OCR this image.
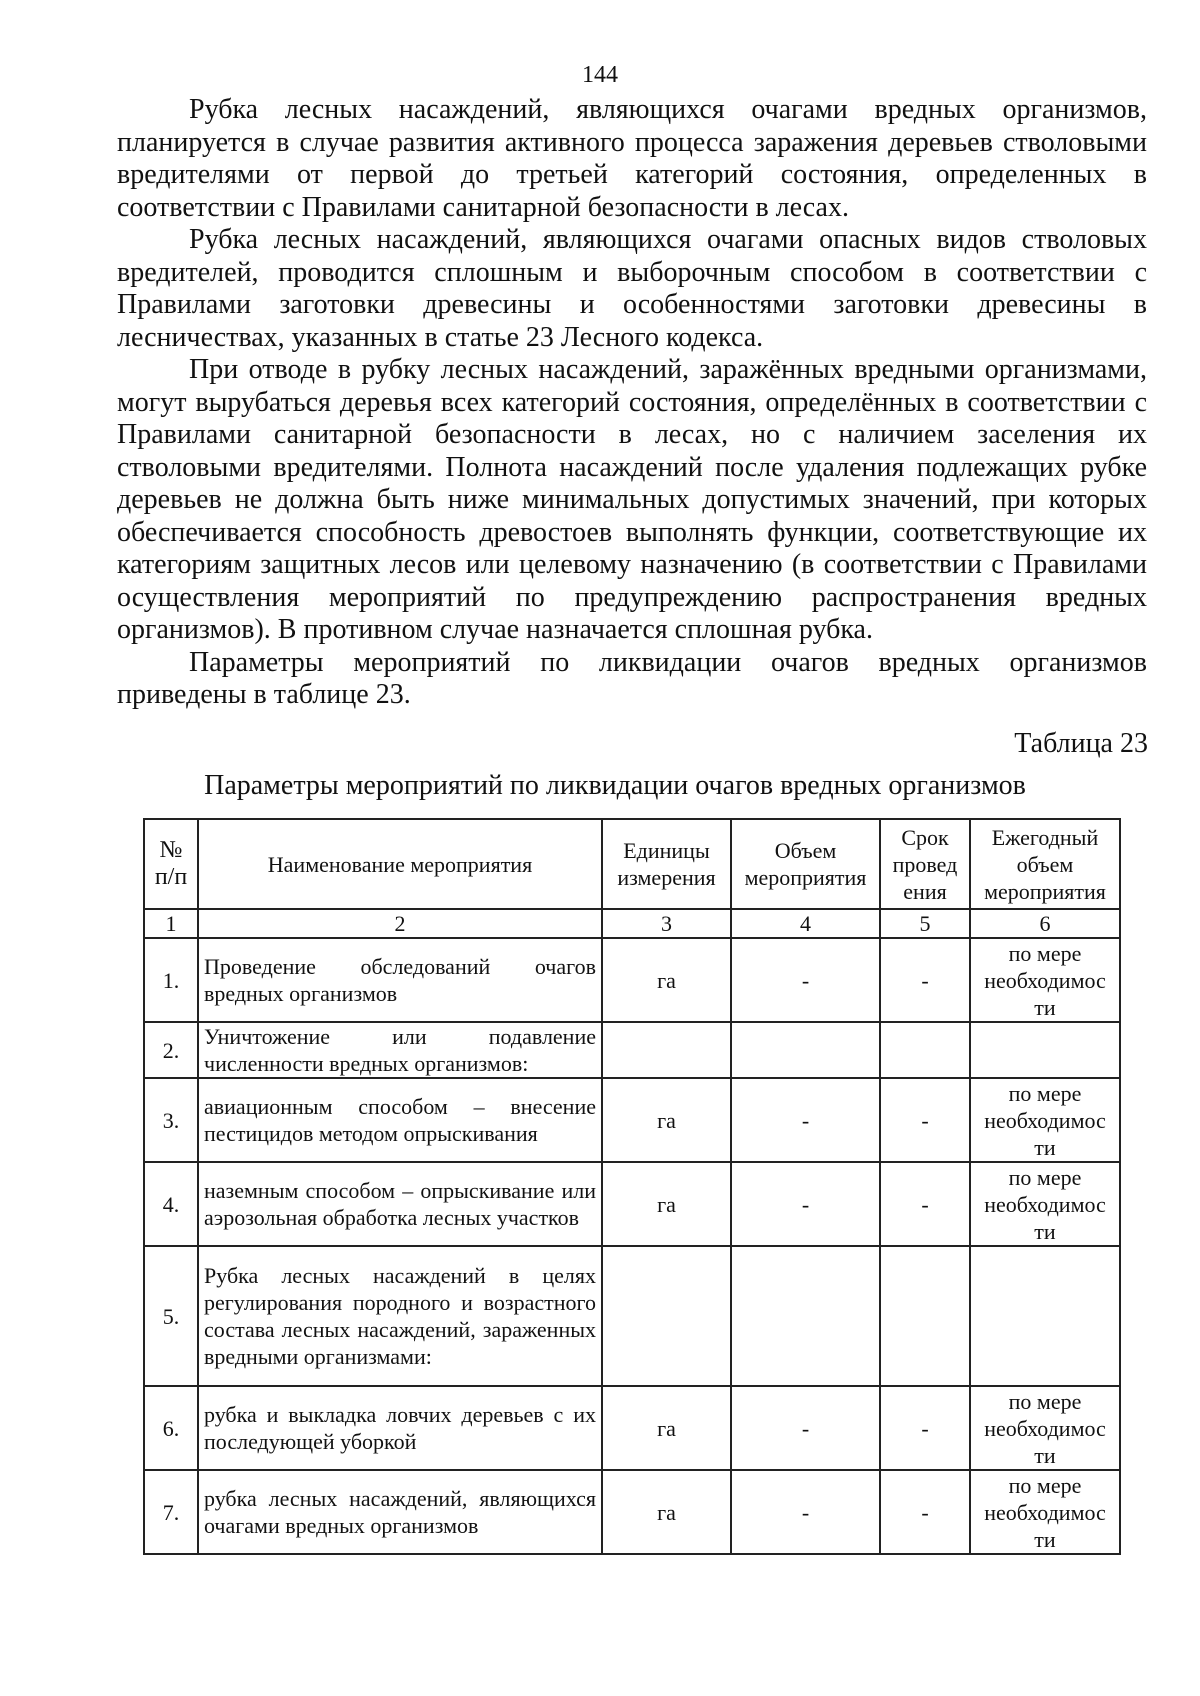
144

Рубка лесных насаждений, являющихся очагами вредных организмов, планируется в случае развития активного процесса заражения деревьев стволовыми вредителями от первой до третьей категорий состояния, определенных в соответствии с Правилами санитарной безопасности в лесах.

Рубка лесных насаждений, являющихся очагами опасных видов стволовых вредителей, проводится сплошным и выборочным способом в соответствии с Правилами заготовки древесины и особенностями заготовки древесины в лесничествах, указанных в статье 23 Лесного кодекса.

При отводе в рубку лесных насаждений, заражённых вредными организмами, могут вырубаться деревья всех категорий состояния, определённых в соответствии с Правилами санитарной безопасности в лесах, но с наличием заселения их стволовыми вредителями. Полнота насаждений после удаления подлежащих рубке деревьев не должна быть ниже минимальных допустимых значений, при которых обеспечивается способность древостоев выполнять функции, соответствующие их категориям защитных лесов или целевому назначению (в соответствии с Правилами осуществления мероприятий по предупреждению распространения вредных организмов). В противном случае назначается сплошная рубка.

Параметры мероприятий по ликвидации очагов вредных организмов приведены в таблице 23.

Таблица 23
Параметры мероприятий по ликвидации очагов вредных организмов
№ п/п	Наименование мероприятия	Единицы измерения	Объем мероприятия	Срок провед ения	Ежегодный объем мероприятия
1	2	3	4	5	6
1.	Проведение обследований очагов вредных организмов	га	-	-	по мере необходимос ти
2.	Уничтожение или подавление численности вредных организмов:				
3.	авиационным способом – внесение пестицидов методом опрыскивания	га	-	-	по мере необходимос ти
4.	наземным способом – опрыскивание или аэрозольная обработка лесных участков	га	-	-	по мере необходимос ти
5.	Рубка лесных насаждений в целях регулирования породного и возрастного состава лесных насаждений, зараженных вредными организмами:				
6.	рубка и выкладка ловчих деревьев с их последующей уборкой	га	-	-	по мере необходимос ти
7.	рубка лесных насаждений, являющихся очагами вредных организмов	га	-	-	по мере необходимос ти
